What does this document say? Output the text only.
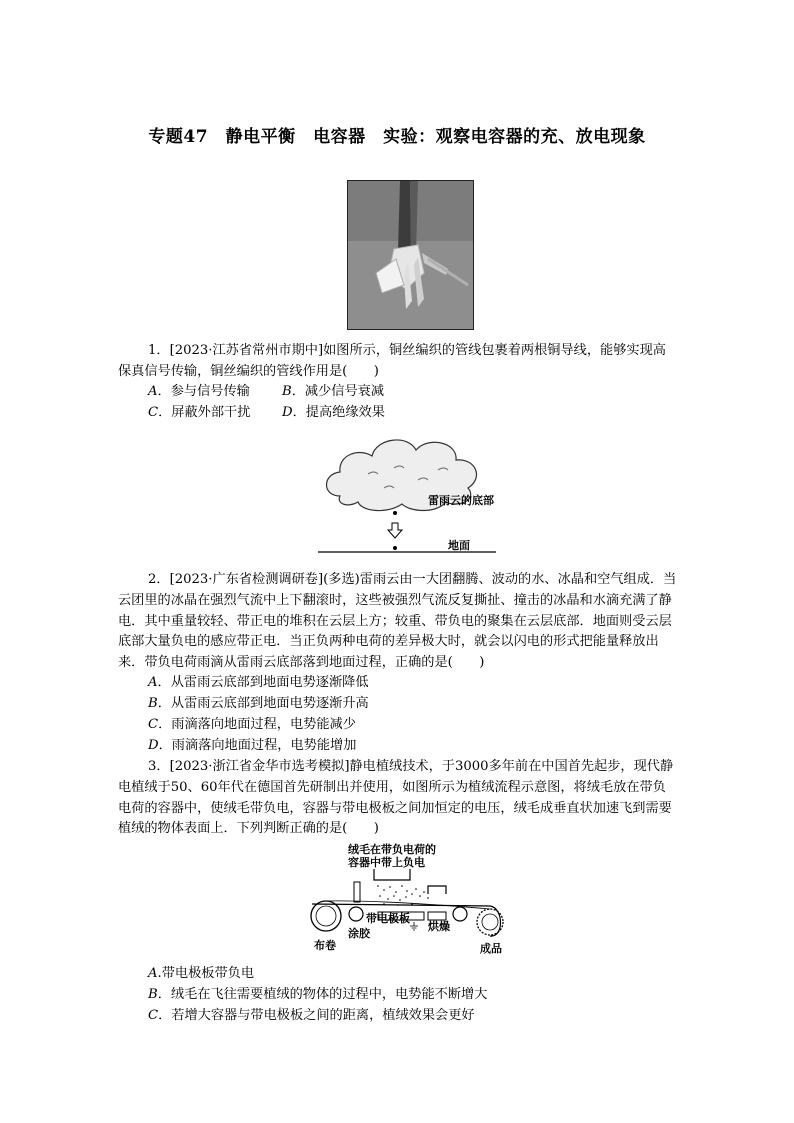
专题47　静电平衡　电容器　实验：观察电容器的充、放电现象
1．[2023·江苏省常州市期中]如图所示，铜丝编织的管线包裹着两根铜导线，能够实现高保真信号传输，铜丝编织的管线作用是(　　)
A．参与信号传输 B．减少信号衰减
C．屏蔽外部干扰 D．提高绝缘效果
雷雨云的底部
地面
2．[2023·广东省检测调研卷](多选)雷雨云由一大团翻腾、波动的水、冰晶和空气组成．当云团里的冰晶在强烈气流中上下翻滚时，这些被强烈气流反复撕扯、撞击的冰晶和水滴充满了静电．其中重量较轻、带正电的堆积在云层上方；较重、带负电的聚集在云层底部．地面则受云层底部大量负电的感应带正电．当正负两种电荷的差异极大时，就会以闪电的形式把能量释放出来．带负电荷雨滴从雷雨云底部落到地面过程，正确的是(　　)
A．从雷雨云底部到地面电势逐渐降低
B．从雷雨云底部到地面电势逐渐升高
C．雨滴落向地面过程，电势能减少
D．雨滴落向地面过程，电势能增加
3．[2023·浙江省金华市选考模拟]静电植绒技术，于3000多年前在中国首先起步，现代静电植绒于50、60年代在德国首先研制出并使用，如图所示为植绒流程示意图，将绒毛放在带负电荷的容器中，使绒毛带负电，容器与带电极板之间加恒定的电压，绒毛成垂直状加速飞到需要植绒的物体表面上．下列判断正确的是(　　)
绒毛在带负电荷的
容器中带上负电
带电极板
涂胶
烘燥
布卷	成品
A.带电极板带负电
B．绒毛在飞往需要植绒的物体的过程中，电势能不断增大
C．若增大容器与带电极板之间的距离，植绒效果会更好
